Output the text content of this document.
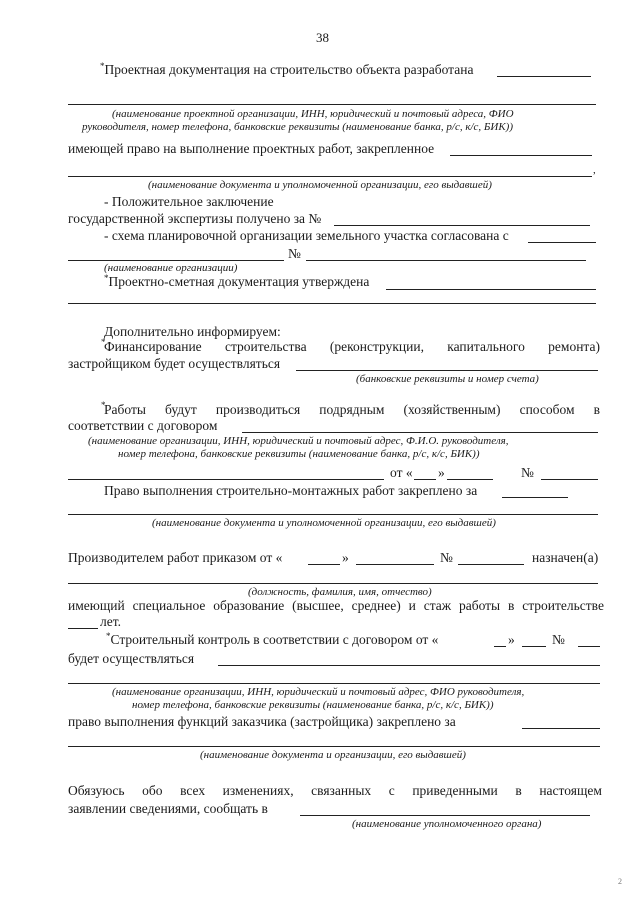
38
*Проектная документация на строительство объекта разработана
(наименование проектной организации, ИНН, юридический и почтовый адреса, ФИО
руководителя, номер телефона, банковские реквизиты (наименование банка, р/с, к/с, БИК))
имеющей право на выполнение проектных работ, закрепленное
,
(наименование документа и уполномоченной организации, его выдавшей)
- Положительное заключение
государственной экспертизы получено за №
- схема планировочной организации земельного участка согласована с
№
(наименование организации)
*Проектно-сметная документация утверждена
Дополнительно информируем:
*
Финансирование строительства (реконструкции, капитального ремонта)
застройщиком будет осуществляться
(банковские реквизиты и номер счета)
*
Работы будут производиться подрядным (хозяйственным) способом в
соответствии с договором
(наименование организации, ИНН, юридический и почтовый адрес, Ф.И.О. руководителя,
номер телефона, банковские реквизиты (наименование банка, р/с, к/с, БИК))
от « »	№
Право выполнения строительно-монтажных работ закреплено за
(наименование документа и уполномоченной организации, его выдавшей)
Производителем работ приказом от «	»	№	назначен(а)
(должность, фамилия, имя, отчество)
имеющий специальное образование (высшее, среднее) и стаж работы в строительстве
лет.
*Строительный контроль в соответствии с договором от «	»	№
будет осуществляться
(наименование организации, ИНН, юридический и почтовый адрес, ФИО руководителя,
номер телефона, банковские реквизиты (наименование банка, р/с, к/с, БИК))
право выполнения функций заказчика (застройщика) закреплено за
(наименование документа и организации, его выдавшей)
Обязуюсь обо всех изменениях, связанных с приведенными в настоящем
заявлении сведениями, сообщать в
(наименование уполномоченного органа)
2
